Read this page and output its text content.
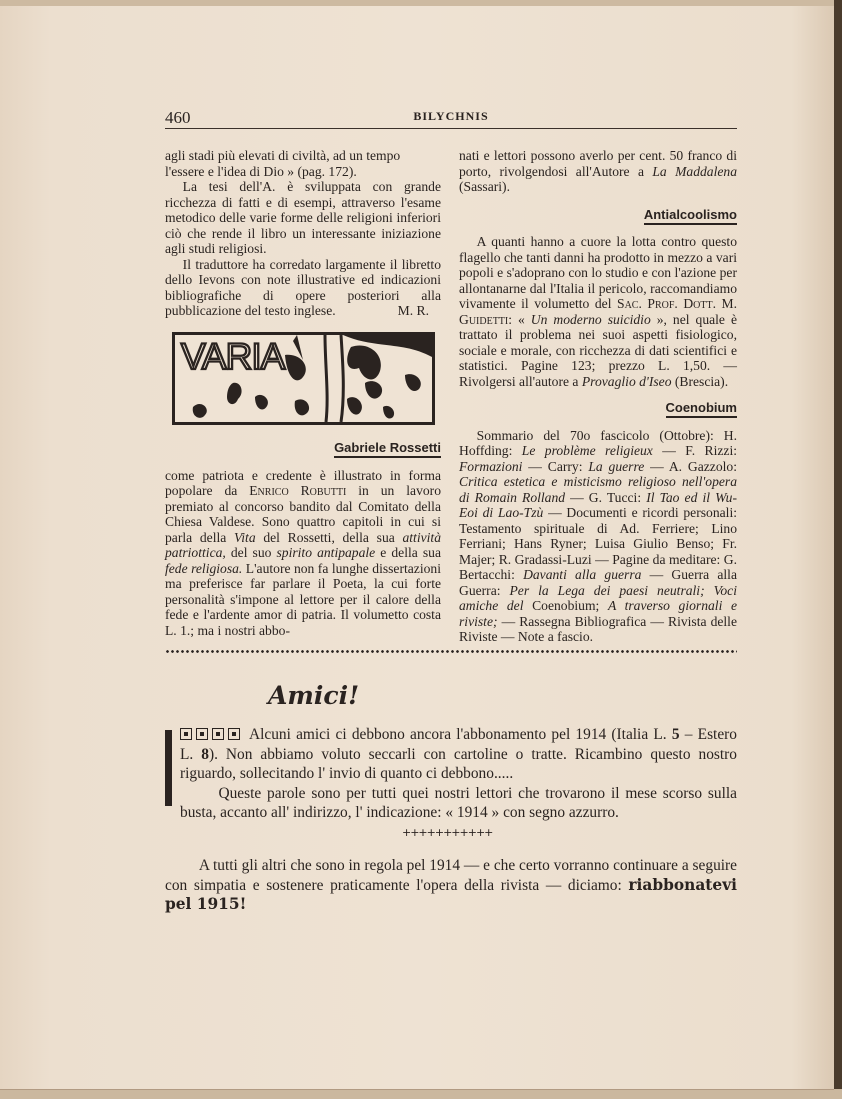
460	BILYCHNIS

agli stadi più elevati di civiltà, ad un tempo

l'essere e l'idea di Dio » (pag. 172).

La tesi dell'A. è sviluppata con grande ricchezza di fatti e di esempi, attraverso l'esame metodico delle varie forme delle religioni inferiori ciò che rende il libro un interessante iniziazione agli studi religiosi.

Il traduttore ha corredato largamente il libretto dello Ievons con note illustrative ed indicazioni bibliografiche di opere posteriori alla pubblicazione del testo inglese.	M. R.

VARIA
Gabriele Rossetti

come patriota e credente è illustrato in forma popolare da Enrico Robutti in un lavoro premiato al concorso bandito dal Comitato della Chiesa Valdese. Sono quattro capitoli in cui si parla della Vita del Rossetti, della sua attività patriottica, del suo spirito antipapale e della sua fede religiosa. L'autore non fa lunghe dissertazioni ma preferisce far parlare il Poeta, la cui forte personalità s'impone al lettore per il calore della fede e l'ardente amor di patria. Il volumetto costa L. 1.; ma i nostri abbo-

nati e lettori possono averlo per cent. 50 franco di porto, rivolgendosi all'Autore a La Maddalena (Sassari).

Antialcoolismo

A quanti hanno a cuore la lotta contro questo flagello che tanti danni ha prodotto in mezzo a vari popoli e s'adoprano con lo studio e con l'azione per allontanarne dal l'Italia il pericolo, raccomandiamo vivamente il volumetto del Sac. Prof. Dott. M. Guidetti: « Un moderno suicidio », nel quale è trattato il problema nei suoi aspetti fisiologico, sociale e morale, con ricchezza di dati scientifici e statistici. Pagine 123; prezzo L. 1,50. — Rivolgersi all'autore a Provaglio d'Iseo (Brescia).

Coenobium

Sommario del 70o fascicolo (Ottobre): H. Hoffding: Le problème religieux — F. Rizzi: Formazioni — Carry: La guerre — A. Gazzolo: Critica estetica e misticismo religioso nell'opera di Romain Rolland — G. Tucci: Il Tao ed il Wu-Eoi di Lao-Tzù — Documenti e ricordi personali: Testamento spirituale di Ad. Ferriere; Lino Ferriani; Hans Ryner; Luisa Giulio Benso; Fr. Majer; R. Gradassi-Luzi — Pagine da meditare: G. Bertacchi: Davanti alla guerra — Guerra alla Guerra: Per la Lega dei paesi neutrali; Voci amiche del Coenobium; A traverso giornali e riviste; — Rassegna Bibliografica — Rivista delle Riviste — Note a fascio.

Amici!

Alcuni amici ci debbono ancora l'abbonamento pel 1914 (Italia L. 5 – Estero L. 8). Non abbiamo voluto seccarli con cartoline o tratte. Ricambino questo nostro riguardo, sollecitando l' invio di quanto ci debbono.....

Queste parole sono per tutti quei nostri lettori che trovarono il mese scorso sulla busta, accanto all' indirizzo, l' indicazione: « 1914 » con segno azzurro.

+++++++++++

A tutti gli altri che sono in regola pel 1914 — e che certo vorranno continuare a seguire con simpatia e sostenere praticamente l'opera della rivista — diciamo: riabbonatevi pel 1915!
